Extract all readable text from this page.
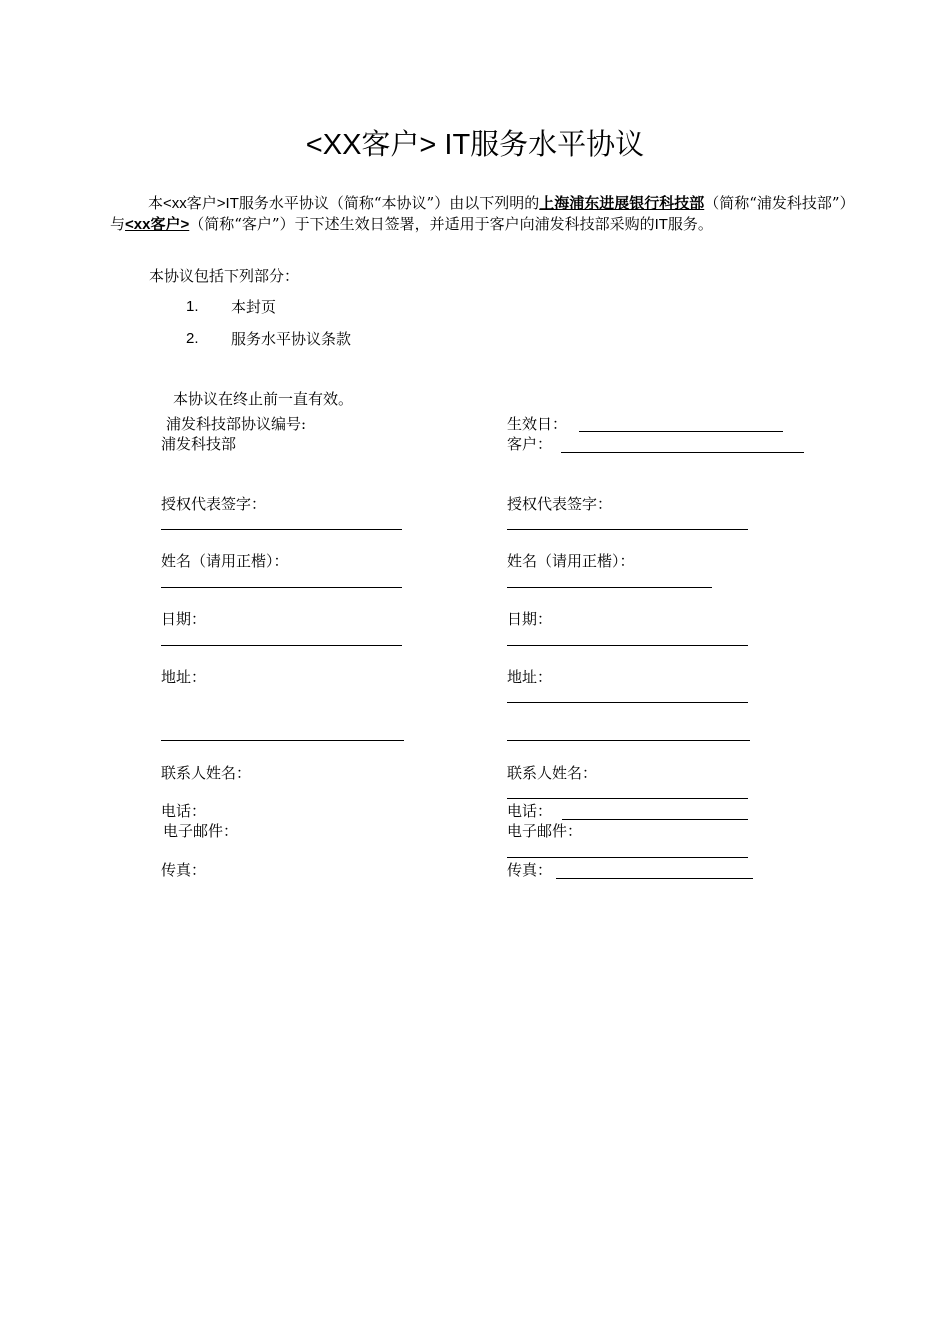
<XX客户> IT服务水平协议
本<xx客户>IT服务水平协议（简称“本协议”）由以下列明的上海浦东进展银行科技部（简称“浦发科技部”）与<xx客户>（简称“客户”）于下述生效日签署，并适用于客户向浦发科技部采购的IT服务。
本协议包括下列部分：
1. 本封页
2. 服务水平协议条款
本协议在终止前一直有效。
浦发科技部协议编号:
浦发科技部
授权代表签字：
姓名（请用正楷）：
日期：
地址：
联系人姓名：
电话：
电子邮件：
传真：
生效日：
客户：
授权代表签字：
姓名（请用正楷）：
日期：
地址：
联系人姓名：
电话：
电子邮件：
传真：
